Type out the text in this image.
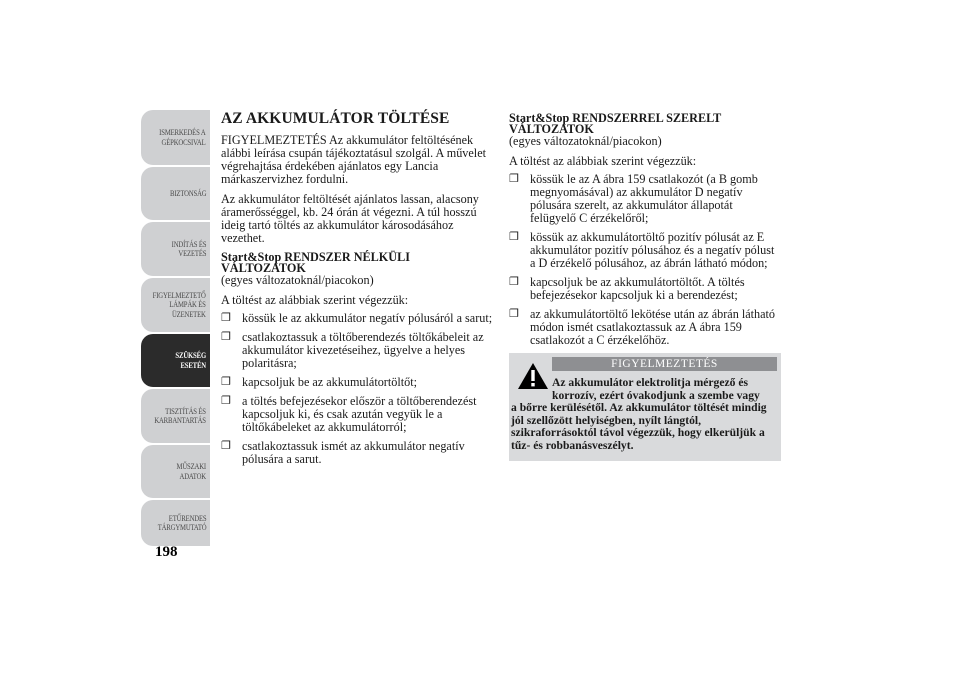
ISMERKEDÉS A
GÉPKOCSIVAL
BIZTONSÁG
INDÍTÁS ÉS
VEZETÉS
FIGYELMEZTETŐ
LÁMPÁK ÉS
ÜZENETEK
SZÜKSÉG ESETÉN
TISZTÍTÁS ÉS
KARBANTARTÁS
MŰSZAKI ADATOK
ETŰRENDES
TÁRGYMUTATÓ
198
AZ AKKUMULÁTOR TÖLTÉSE

FIGYELMEZTETÉS Az akkumulátor feltöltésének alábbi leírása csupán tájékoztatásul szolgál. A művelet végrehajtása érdekében ajánlatos egy Lancia márkaszervizhez fordulni.

Az akkumulátor feltöltését ajánlatos lassan, alacsony áramerősséggel, kb. 24 órán át végezni. A túl hosszú ideig tartó töltés az akkumulátor károsodásához vezethet.

Start&Stop RENDSZER NÉLKÜLI VÁLTOZATOK
(egyes változatoknál/piacokon)

A töltést az alábbiak szerint végezzük:

❐ kössük le az akkumulátor negatív pólusáról a sarut;
❐ csatlakoztassuk a töltőberendezés töltőkábeleit az akkumulátor kivezetéseihez, ügyelve a helyes polaritásra;
❐ kapcsoljuk be az akkumulátortöltőt;
❐ a töltés befejezésekor először a töltőberendezést kapcsoljuk ki, és csak azután vegyük le a töltőkábeleket az akkumulátorról;
❐ csatlakoztassuk ismét az akkumulátor negatív pólusára a sarut.
Start&Stop RENDSZERREL SZERELT VÁLTOZATOK
(egyes változatoknál/piacokon)

A töltést az alábbiak szerint végezzük:

❐ kössük le az A ábra 159 csatlakozót (a B gomb megnyomásával) az akkumulátor D negatív pólusára szerelt, az akkumulátor állapotát felügyelő C érzékelőről;
❐ kössük az akkumulátortöltő pozitív pólusát az E akkumulátor pozitív pólusához és a negatív pólust a D érzékelő pólusához, az ábrán látható módon;
❐ kapcsoljuk be az akkumulátortöltőt. A töltés befejezésekor kapcsoljuk ki a berendezést;
❐ az akkumulátortöltő lekötése után az ábrán látható módon ismét csatlakoztassuk az A ábra 159 csatlakozót a C érzékelőhöz.
FIGYELMEZTETÉS
Az akkumulátor elektrolitja mérgező és korrozív, ezért óvakodjunk a szembe vagy
a bőrre kerülésétől. Az akkumulátor töltését mindig jól szellőzött helyiségben, nyílt lángtól, szikraforrásoktól távol végezzük, hogy elkerüljük a tűz- és robbanásveszélyt.
